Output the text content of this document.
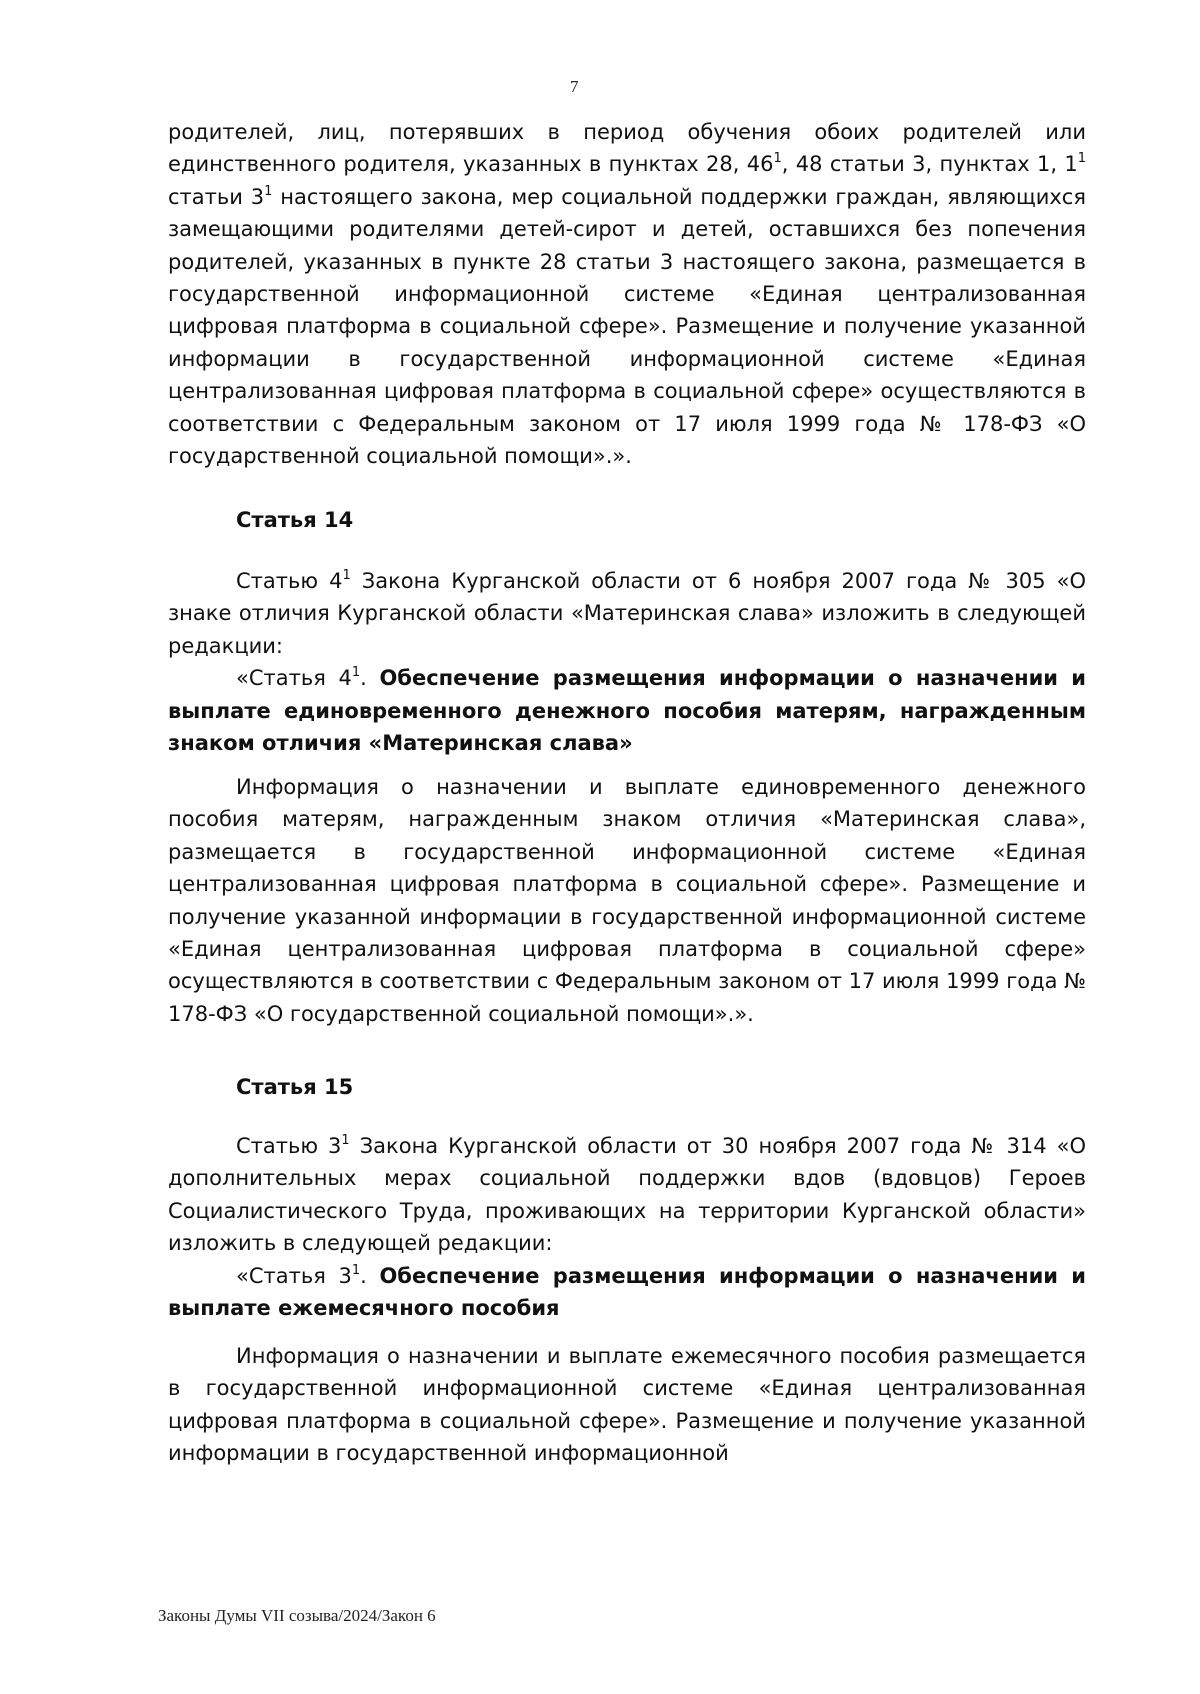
7

родителей, лиц, потерявших в период обучения обоих родителей или единственного родителя, указанных в пунктах 28, $46^1$, 48 статьи 3, пунктах 1, $1^1$ статьи $3^1$ настоящего закона, мер социальной поддержки граждан, являющихся замещающими родителями детей-сирот и детей, оставшихся без попечения родителей, указанных в пункте 28 статьи 3 настоящего закона, размещается в государственной информационной системе «Единая централизованная цифровая платформа в социальной сфере». Размещение и получение указанной информации в государственной информационной системе «Единая централизованная цифровая платформа в социальной сфере» осуществляются в соответствии с Федеральным законом от 17 июля 1999 года № 178-ФЗ «О государственной социальной помощи».».

Статья 14

Статью $4^1$ Закона Курганской области от 6 ноября 2007 года № 305 «О знаке отличия Курганской области «Материнская слава» изложить в следующей редакции:

«Статья $4^1$. Обеспечение размещения информации о назначении и выплате единовременного денежного пособия матерям, награжденным знаком отличия «Материнская слава»

Информация о назначении и выплате единовременного денежного пособия матерям, награжденным знаком отличия «Материнская слава», размещается в государственной информационной системе «Единая централизованная цифровая платформа в социальной сфере». Размещение и получение указанной информации в государственной информационной системе «Единая централизованная цифровая платформа в социальной сфере» осуществляются в соответствии с Федеральным законом от 17 июля 1999 года № 178-ФЗ «О государственной социальной помощи».».

Статья 15

Статью $3^1$ Закона Курганской области от 30 ноября 2007 года № 314 «О дополнительных мерах социальной поддержки вдов (вдовцов) Героев Социалистического Труда, проживающих на территории Курганской области» изложить в следующей редакции:

«Статья $3^1$. Обеспечение размещения информации о назначении и выплате ежемесячного пособия

Информация о назначении и выплате ежемесячного пособия размещается в государственной информационной системе «Единая централизованная цифровая платформа в социальной сфере». Размещение и получение указанной информации в государственной информационной

Законы Думы VII созыва/2024/Закон 6
